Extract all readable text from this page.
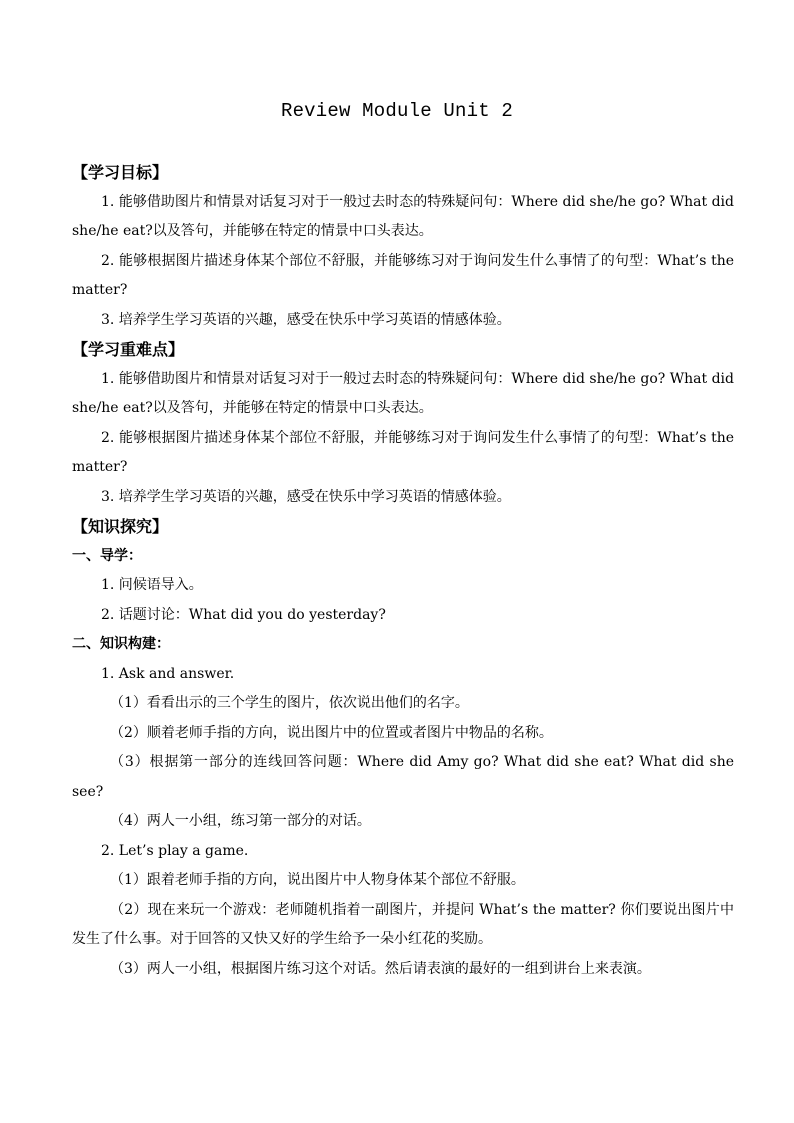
Review Module Unit 2

【学习目标】

1. 能够借助图片和情景对话复习对于一般过去时态的特殊疑问句：Where did she/he go? What did she/he eat?以及答句，并能够在特定的情景中口头表达。

2. 能够根据图片描述身体某个部位不舒服，并能够练习对于询问发生什么事情了的句型：What’s the matter?

3. 培养学生学习英语的兴趣，感受在快乐中学习英语的情感体验。

【学习重难点】

1. 能够借助图片和情景对话复习对于一般过去时态的特殊疑问句：Where did she/he go? What did she/he eat?以及答句，并能够在特定的情景中口头表达。

2. 能够根据图片描述身体某个部位不舒服，并能够练习对于询问发生什么事情了的句型：What’s the matter?

3. 培养学生学习英语的兴趣，感受在快乐中学习英语的情感体验。

【知识探究】

一、导学：

1. 问候语导入。

2. 话题讨论：What did you do yesterday?

二、知识构建：

1. Ask and answer.

（1）看看出示的三个学生的图片，依次说出他们的名字。

（2）顺着老师手指的方向，说出图片中的位置或者图片中物品的名称。

（3）根据第一部分的连线回答问题：Where did Amy go? What did she eat? What did she see?

（4）两人一小组，练习第一部分的对话。

2. Let’s play a game.

（1）跟着老师手指的方向，说出图片中人物身体某个部位不舒服。

（2）现在来玩一个游戏：老师随机指着一副图片，并提问 What’s the matter? 你们要说出图片中发生了什么事。对于回答的又快又好的学生给予一朵小红花的奖励。

（3）两人一小组，根据图片练习这个对话。然后请表演的最好的一组到讲台上来表演。
